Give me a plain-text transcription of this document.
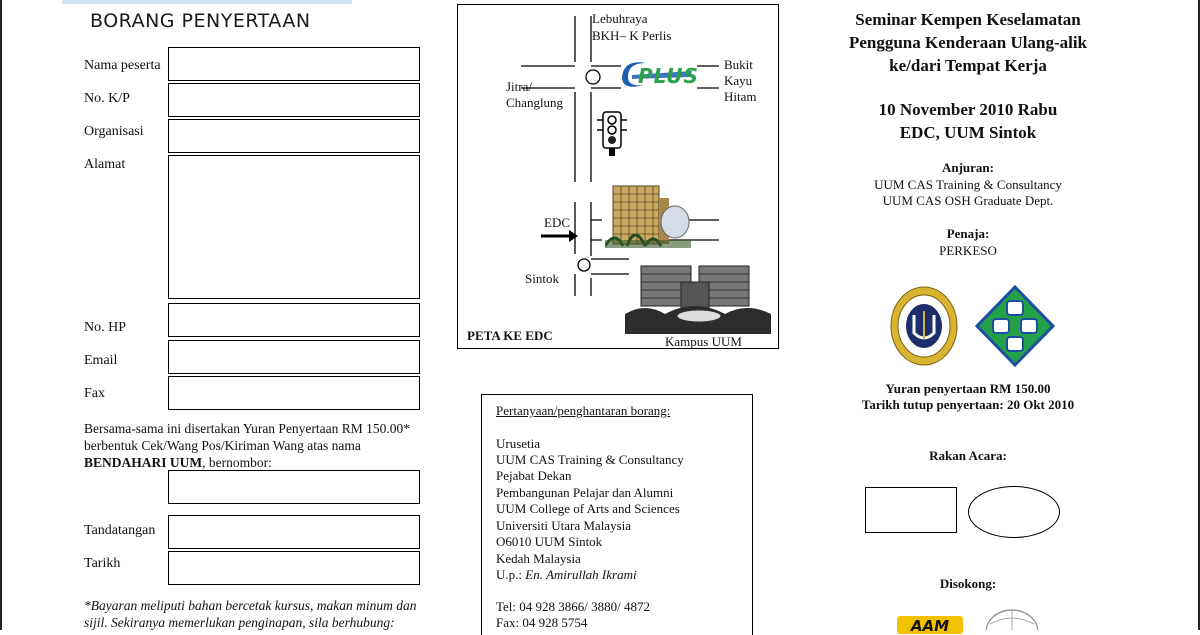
BORANG PENYERTAAN
Nama peserta
No. K/P
Organisasi
Alamat
No. HP
Email
Fax
Bersama-sama ini disertakan Yuran Penyertaan RM 150.00*
berbentuk Cek/Wang Pos/Kiriman Wang atas nama
BENDAHARI UUM, bernombor:
Tandatangan
Tarikh
*Bayaran meliputi bahan bercetak kursus, makan minum dan
sijil. Sekiranya memerlukan penginapan, sila berhubung:
PLUS
Lebuhraya
BKH– K Perlis
Bukit
Kayu
Hitam
Jitra/
Changlung
EDC
Sintok
PETA KE EDC	Kampus UUM
Pertanyaan/penghantaran borang:
Urusetia
UUM CAS Training & Consultancy
Pejabat Dekan
Pembangunan Pelajar dan Alumni
UUM College of Arts and Sciences
Universiti Utara Malaysia
O6010 UUM Sintok
Kedah Malaysia
U.p.: En. Amirullah Ikrami
Tel: 04 928 3866/ 3880/ 4872
Fax: 04 928 5754
Seminar Kempen Keselamatan
Pengguna Kenderaan Ulang-alik
ke/dari Tempat Kerja
10 November 2010 Rabu
EDC, UUM Sintok
Anjuran:
UUM CAS Training & Consultancy
UUM CAS OSH Graduate Dept.
Penaja:
PERKESO
Yuran penyertaan RM 150.00
Tarikh tutup penyertaan: 20 Okt 2010
Rakan Acara:
Disokong:
AAM
